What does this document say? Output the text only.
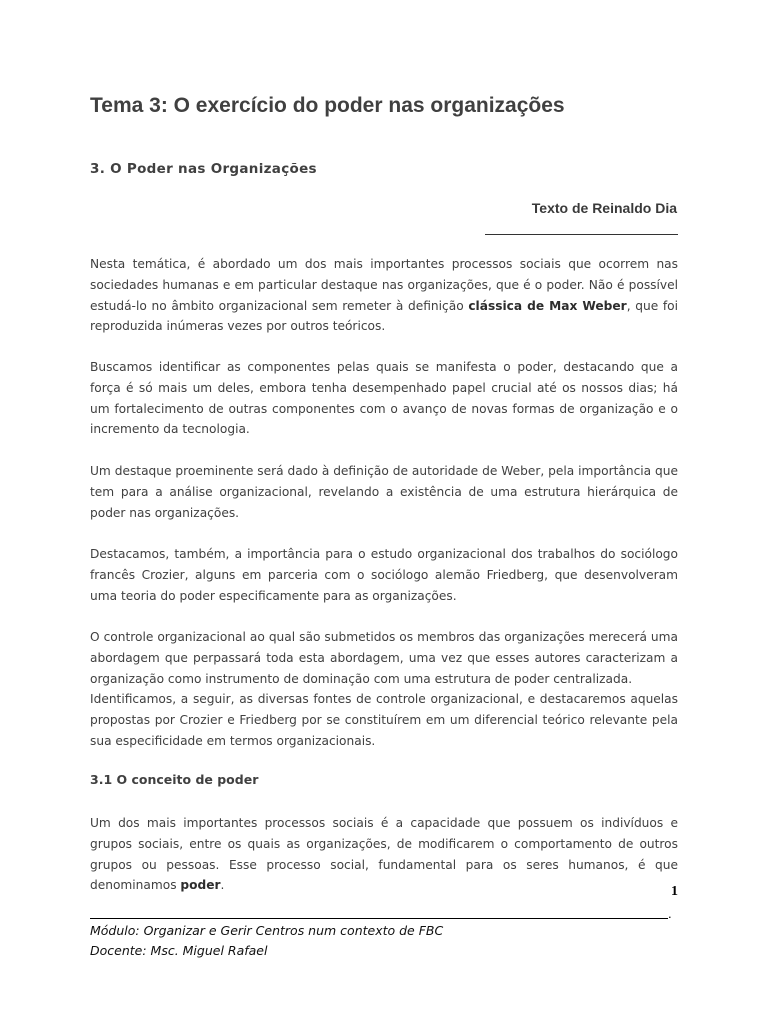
Tema 3: O exercício do poder nas organizações
3. O Poder nas Organizações

Texto de Reinaldo Dia

Nesta temática, é abordado um dos mais importantes processos sociais que ocorrem nas sociedades humanas e em particular destaque nas organizações, que é o poder. Não é possível estudá-lo no âmbito organizacional sem remeter à definição clássica de Max Weber, que foi reproduzida inúmeras vezes por outros teóricos.

Buscamos identificar as componentes pelas quais se manifesta o poder, destacando que a força é só mais um deles, embora tenha desempenhado papel crucial até os nossos dias; há um fortalecimento de outras componentes com o avanço de novas formas de organização e o incremento da tecnologia.

Um destaque proeminente será dado à definição de autoridade de Weber, pela importância que tem para a análise organizacional, revelando a existência de uma estrutura hierárquica de poder nas organizações.

Destacamos, também, a importância para o estudo organizacional dos trabalhos do sociólogo francês Crozier, alguns em parceria com o sociólogo alemão Friedberg, que desenvolveram uma teoria do poder especificamente para as organizações.

O controle organizacional ao qual são submetidos os membros das organizações merecerá uma abordagem que perpassará toda esta abordagem, uma vez que esses autores caracterizam a organização como instrumento de dominação com uma estrutura de poder centralizada.
Identificamos, a seguir, as diversas fontes de controle organizacional, e destacaremos aquelas propostas por Crozier e Friedberg por se constituírem em um diferencial teórico relevante pela sua especificidade em termos organizacionais.

3.1 O conceito de poder

Um dos mais importantes processos sociais é a capacidade que possuem os indivíduos e grupos sociais, entre os quais as organizações, de modificarem o comportamento de outros grupos ou pessoas. Esse processo social, fundamental para os seres humanos, é que denominamos poder.	1
.

Módulo: Organizar e Gerir Centros num contexto de FBC

Docente: Msc. Miguel Rafael
